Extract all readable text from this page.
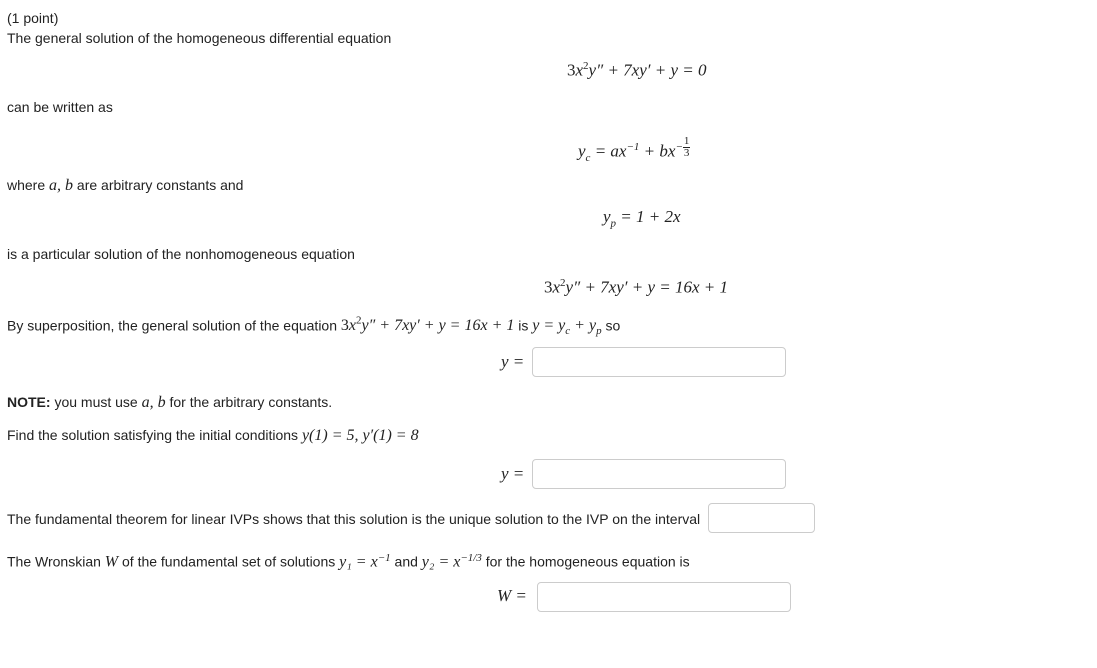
(1 point)
The general solution of the homogeneous differential equation
$3x^2y'' + 7xy' + y = 0$
can be written as
$y_c = ax^{-1} + bx^{- \frac{1}{3}}$
where a, b are arbitrary constants and
$y_p = 1 + 2x$
is a particular solution of the nonhomogeneous equation
$3x^2y'' + 7xy' + y = 16x + 1$
By superposition, the general solution of the equation $3x^2y'' + 7xy' + y = 16x + 1$ is $y = y_c + y_p$ so
y =
NOTE: you must use a, b for the arbitrary constants.
Find the solution satisfying the initial conditions y(1) = 5, y′(1) = 8
y =
The fundamental theorem for linear IVPs shows that this solution is the unique solution to the IVP on the interval
The Wronskian W of the fundamental set of solutions $y_1 = x^{-1}$ and $y_2 = x^{-1/3}$ for the homogeneous equation is
W =
